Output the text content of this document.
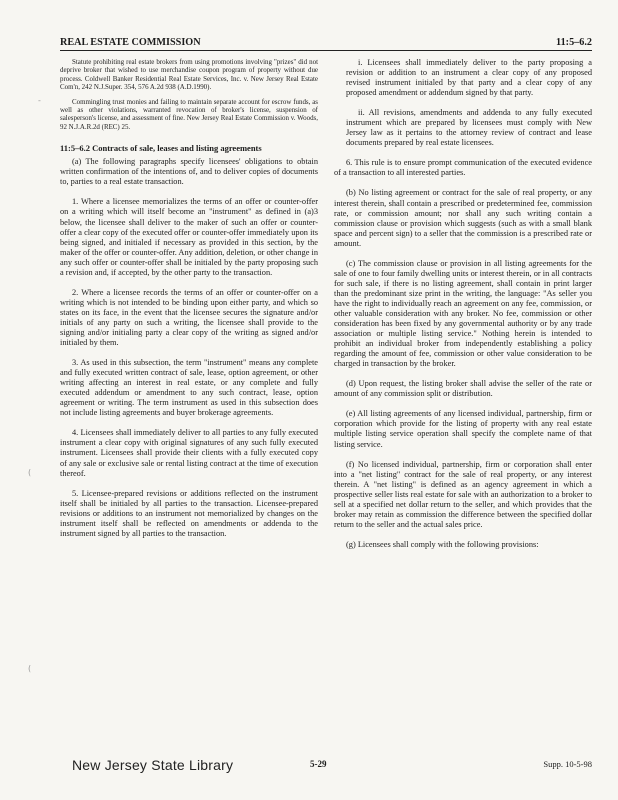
REAL ESTATE COMMISSION	11:5–6.2

Statute prohibiting real estate brokers from using promotions involving "prizes" did not deprive broker that wished to use merchandise coupon program of property without due process. Coldwell Banker Residential Real Estate Services, Inc. v. New Jersey Real Estate Com'n, 242 N.J.Super. 354, 576 A.2d 938 (A.D.1990).

Commingling trust monies and failing to maintain separate account for escrow funds, as well as other violations, warranted revocation of broker's license, suspension of salesperson's license, and assessment of fine. New Jersey Real Estate Commission v. Woods, 92 N.J.A.R.2d (REC) 25.

11:5–6.2 Contracts of sale, leases and listing agreements

(a) The following paragraphs specify licensees' obligations to obtain written confirmation of the intentions of, and to deliver copies of documents to, parties to a real estate transaction.

1. Where a licensee memorializes the terms of an offer or counter-offer on a writing which will itself become an "instrument" as defined in (a)3 below, the licensee shall deliver to the maker of such an offer or counter-offer a clear copy of the executed offer or counter-offer immediately upon its being signed, and initialed if necessary as provided in this section, by the maker of the offer or counter-offer. Any addition, deletion, or other change in any such offer or counter-offer shall be initialed by the party proposing such a revision and, if accepted, by the other party to the transaction.

2. Where a licensee records the terms of an offer or counter-offer on a writing which is not intended to be binding upon either party, and which so states on its face, in the event that the licensee secures the signature and/or initials of any party on such a writing, the licensee shall provide to the signing and/or initialing party a clear copy of the writing as signed and/or initialed by them.

3. As used in this subsection, the term "instrument" means any complete and fully executed written contract of sale, lease, option agreement, or other writing affecting an interest in real estate, or any complete and fully executed addendum or amendment to any such contract, lease, option agreement or writing. The term instrument as used in this subsection does not include listing agreements and buyer brokerage agreements.

4. Licensees shall immediately deliver to all parties to any fully executed instrument a clear copy with original signatures of any such fully executed instrument. Licensees shall provide their clients with a fully executed copy of any sale or exclusive sale or rental listing contract at the time of execution thereof.

5. Licensee-prepared revisions or additions reflected on the instrument itself shall be initialed by all parties to the transaction. Licensee-prepared revisions or additions to an instrument not memorialized by changes on the instrument itself shall be reflected on amendments or addenda to the instrument signed by all parties to the transaction.

i. Licensees shall immediately deliver to the party proposing a revision or addition to an instrument a clear copy of any proposed revised instrument initialed by that party and a clear copy of any proposed amendment or addendum signed by that party.

ii. All revisions, amendments and addenda to any fully executed instrument which are prepared by licensees must comply with New Jersey law as it pertains to the attorney review of contract and lease documents prepared by real estate licensees.

6. This rule is to ensure prompt communication of the executed evidence of a transaction to all interested parties.

(b) No listing agreement or contract for the sale of real property, or any interest therein, shall contain a prescribed or predetermined fee, commission rate, or commission amount; nor shall any such writing contain a commission clause or provision which suggests (such as with a small blank space and percent sign) to a seller that the commission is a prescribed rate or amount.

(c) The commission clause or provision in all listing agreements for the sale of one to four family dwelling units or interest therein, or in all contracts for such sale, if there is no listing agreement, shall contain in print larger than the predominant size print in the writing, the language: "As seller you have the right to individually reach an agreement on any fee, commission, or other valuable consideration with any broker. No fee, commission or other consideration has been fixed by any governmental authority or by any trade association or multiple listing service." Nothing herein is intended to prohibit an individual broker from independently establishing a policy regarding the amount of fee, commission or other value consideration to be charged in transaction by the broker.

(d) Upon request, the listing broker shall advise the seller of the rate or amount of any commission split or distribution.

(e) All listing agreements of any licensed individual, partnership, firm or corporation which provide for the listing of property with any real estate multiple listing service operation shall specify the complete name of that listing service.

(f) No licensed individual, partnership, firm or corporation shall enter into a "net listing" contract for the sale of real property, or any interest therein. A "net listing" is defined as an agency agreement in which a prospective seller lists real estate for sale with an authorization to a broker to sell at a specified net dollar return to the seller, and which provides that the broker may retain as commission the difference between the specified dollar return to the seller and the actual sales price.

(g) Licensees shall comply with the following provisions:

-
(
(
New Jersey State Library	5-29	Supp. 10-5-98
